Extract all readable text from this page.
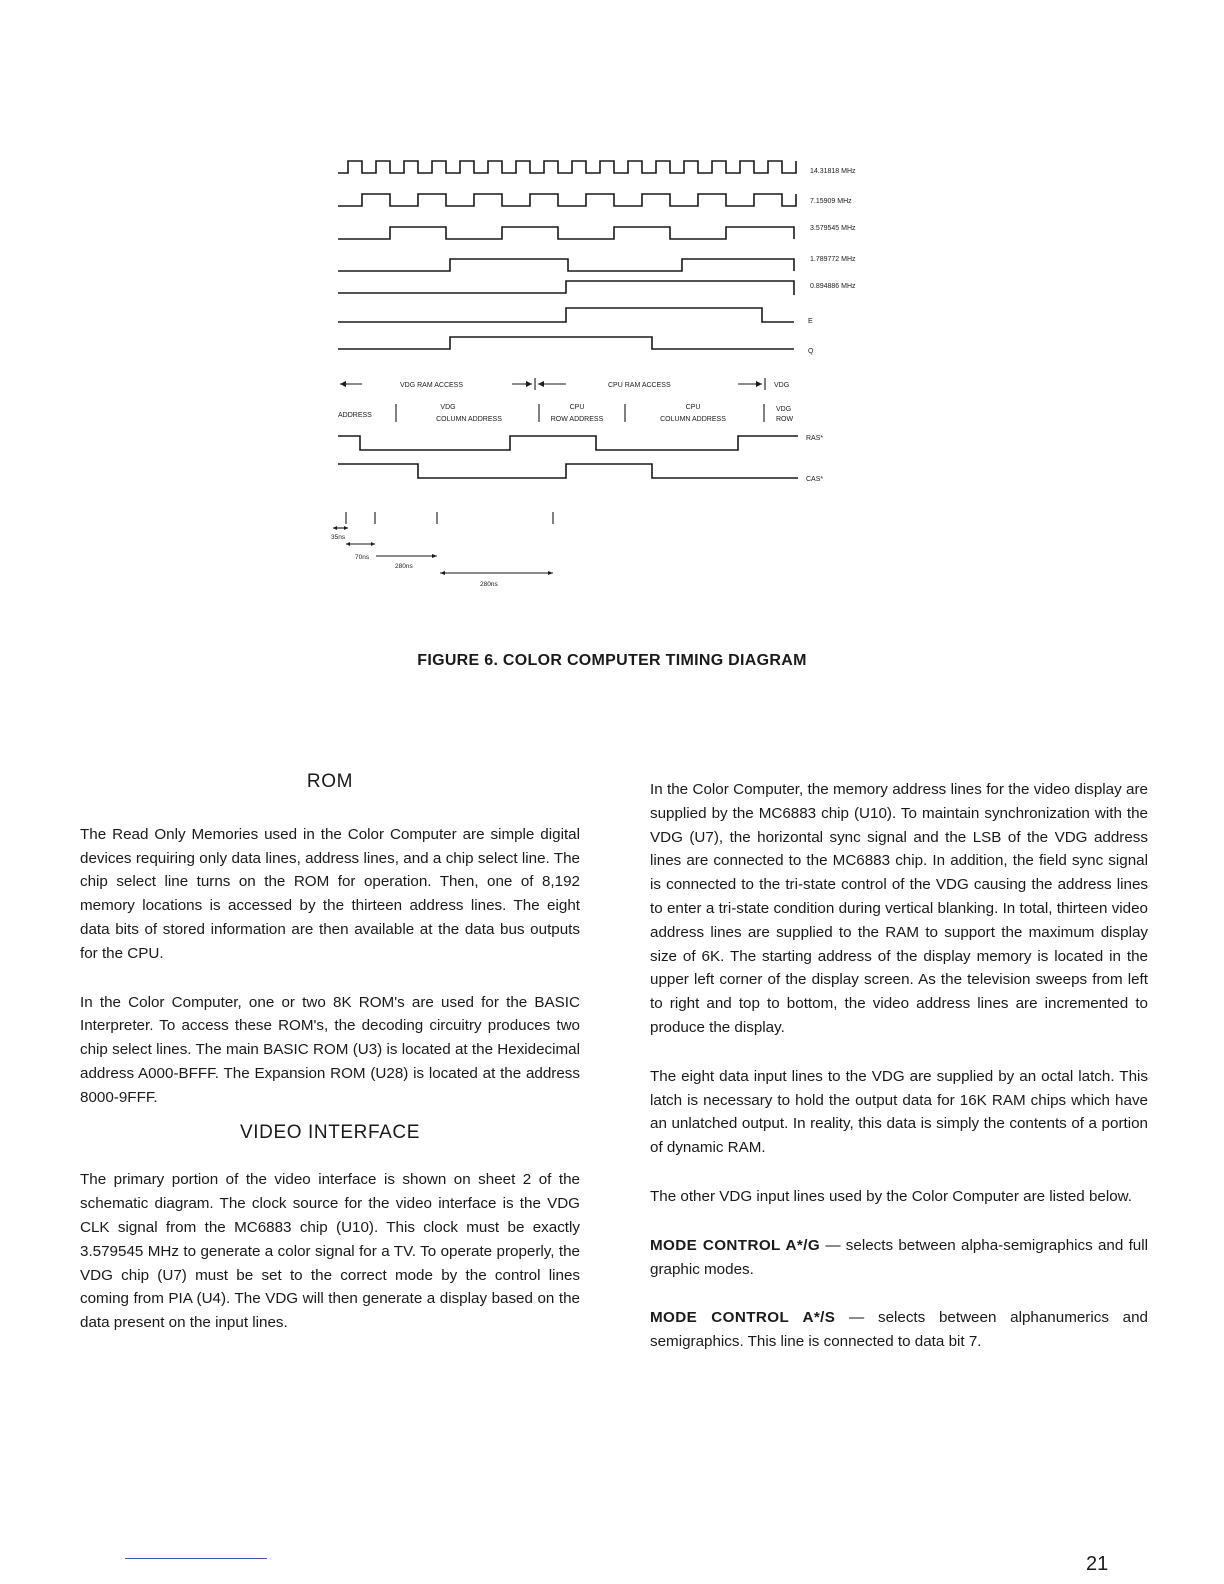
14.31818 MHz
7.15909 MHz
3.579545 MHz
1.789772 MHz
0.894886 MHz
E
Q
VDG RAM ACCESS	CPU RAM ACCESS	VDG
ADDRESS
VDG
COLUMN ADDRESS
CPU
ROW ADDRESS
CPU
COLUMN ADDRESS
VDG
ROW
RAS*
CAS*
35ns
70ns
280ns
280ns
FIGURE 6. COLOR COMPUTER TIMING DIAGRAM
ROM

The Read Only Memories used in the Color Computer are simple digital devices requiring only data lines, address lines, and a chip select line. The chip select line turns on the ROM for operation. Then, one of 8,192 memory locations is accessed by the thirteen address lines. The eight data bits of stored information are then available at the data bus outputs for the CPU.

In the Color Computer, one or two 8K ROM's are used for the BASIC Interpreter. To access these ROM's, the decoding circuitry produces two chip select lines. The main BASIC ROM (U3) is located at the Hexidecimal address A000-BFFF. The Expansion ROM (U28) is located at the address 8000-9FFF.

VIDEO INTERFACE

The primary portion of the video interface is shown on sheet 2 of the schematic diagram. The clock source for the video interface is the VDG CLK signal from the MC6883 chip (U10). This clock must be exactly 3.579545 MHz to generate a color signal for a TV. To operate properly, the VDG chip (U7) must be set to the correct mode by the control lines coming from PIA (U4). The VDG will then generate a display based on the data present on the input lines.

In the Color Computer, the memory address lines for the video display are supplied by the MC6883 chip (U10). To maintain synchronization with the VDG (U7), the horizontal sync signal and the LSB of the VDG address lines are connected to the MC6883 chip. In addition, the field sync signal is connected to the tri-state control of the VDG causing the address lines to enter a tri-state condition during vertical blanking. In total, thirteen video address lines are supplied to the RAM to support the maximum display size of 6K. The starting address of the display memory is located in the upper left corner of the display screen. As the television sweeps from left to right and top to bottom, the video address lines are incremented to produce the display.

The eight data input lines to the VDG are supplied by an octal latch. This latch is necessary to hold the output data for 16K RAM chips which have an unlatched output. In reality, this data is simply the contents of a portion of dynamic RAM.

The other VDG input lines used by the Color Computer are listed below.

MODE CONTROL A*/G — selects between alpha-semigraphics and full graphic modes.

MODE CONTROL A*/S — selects between alphanumerics and semigraphics. This line is connected to data bit 7.

21
